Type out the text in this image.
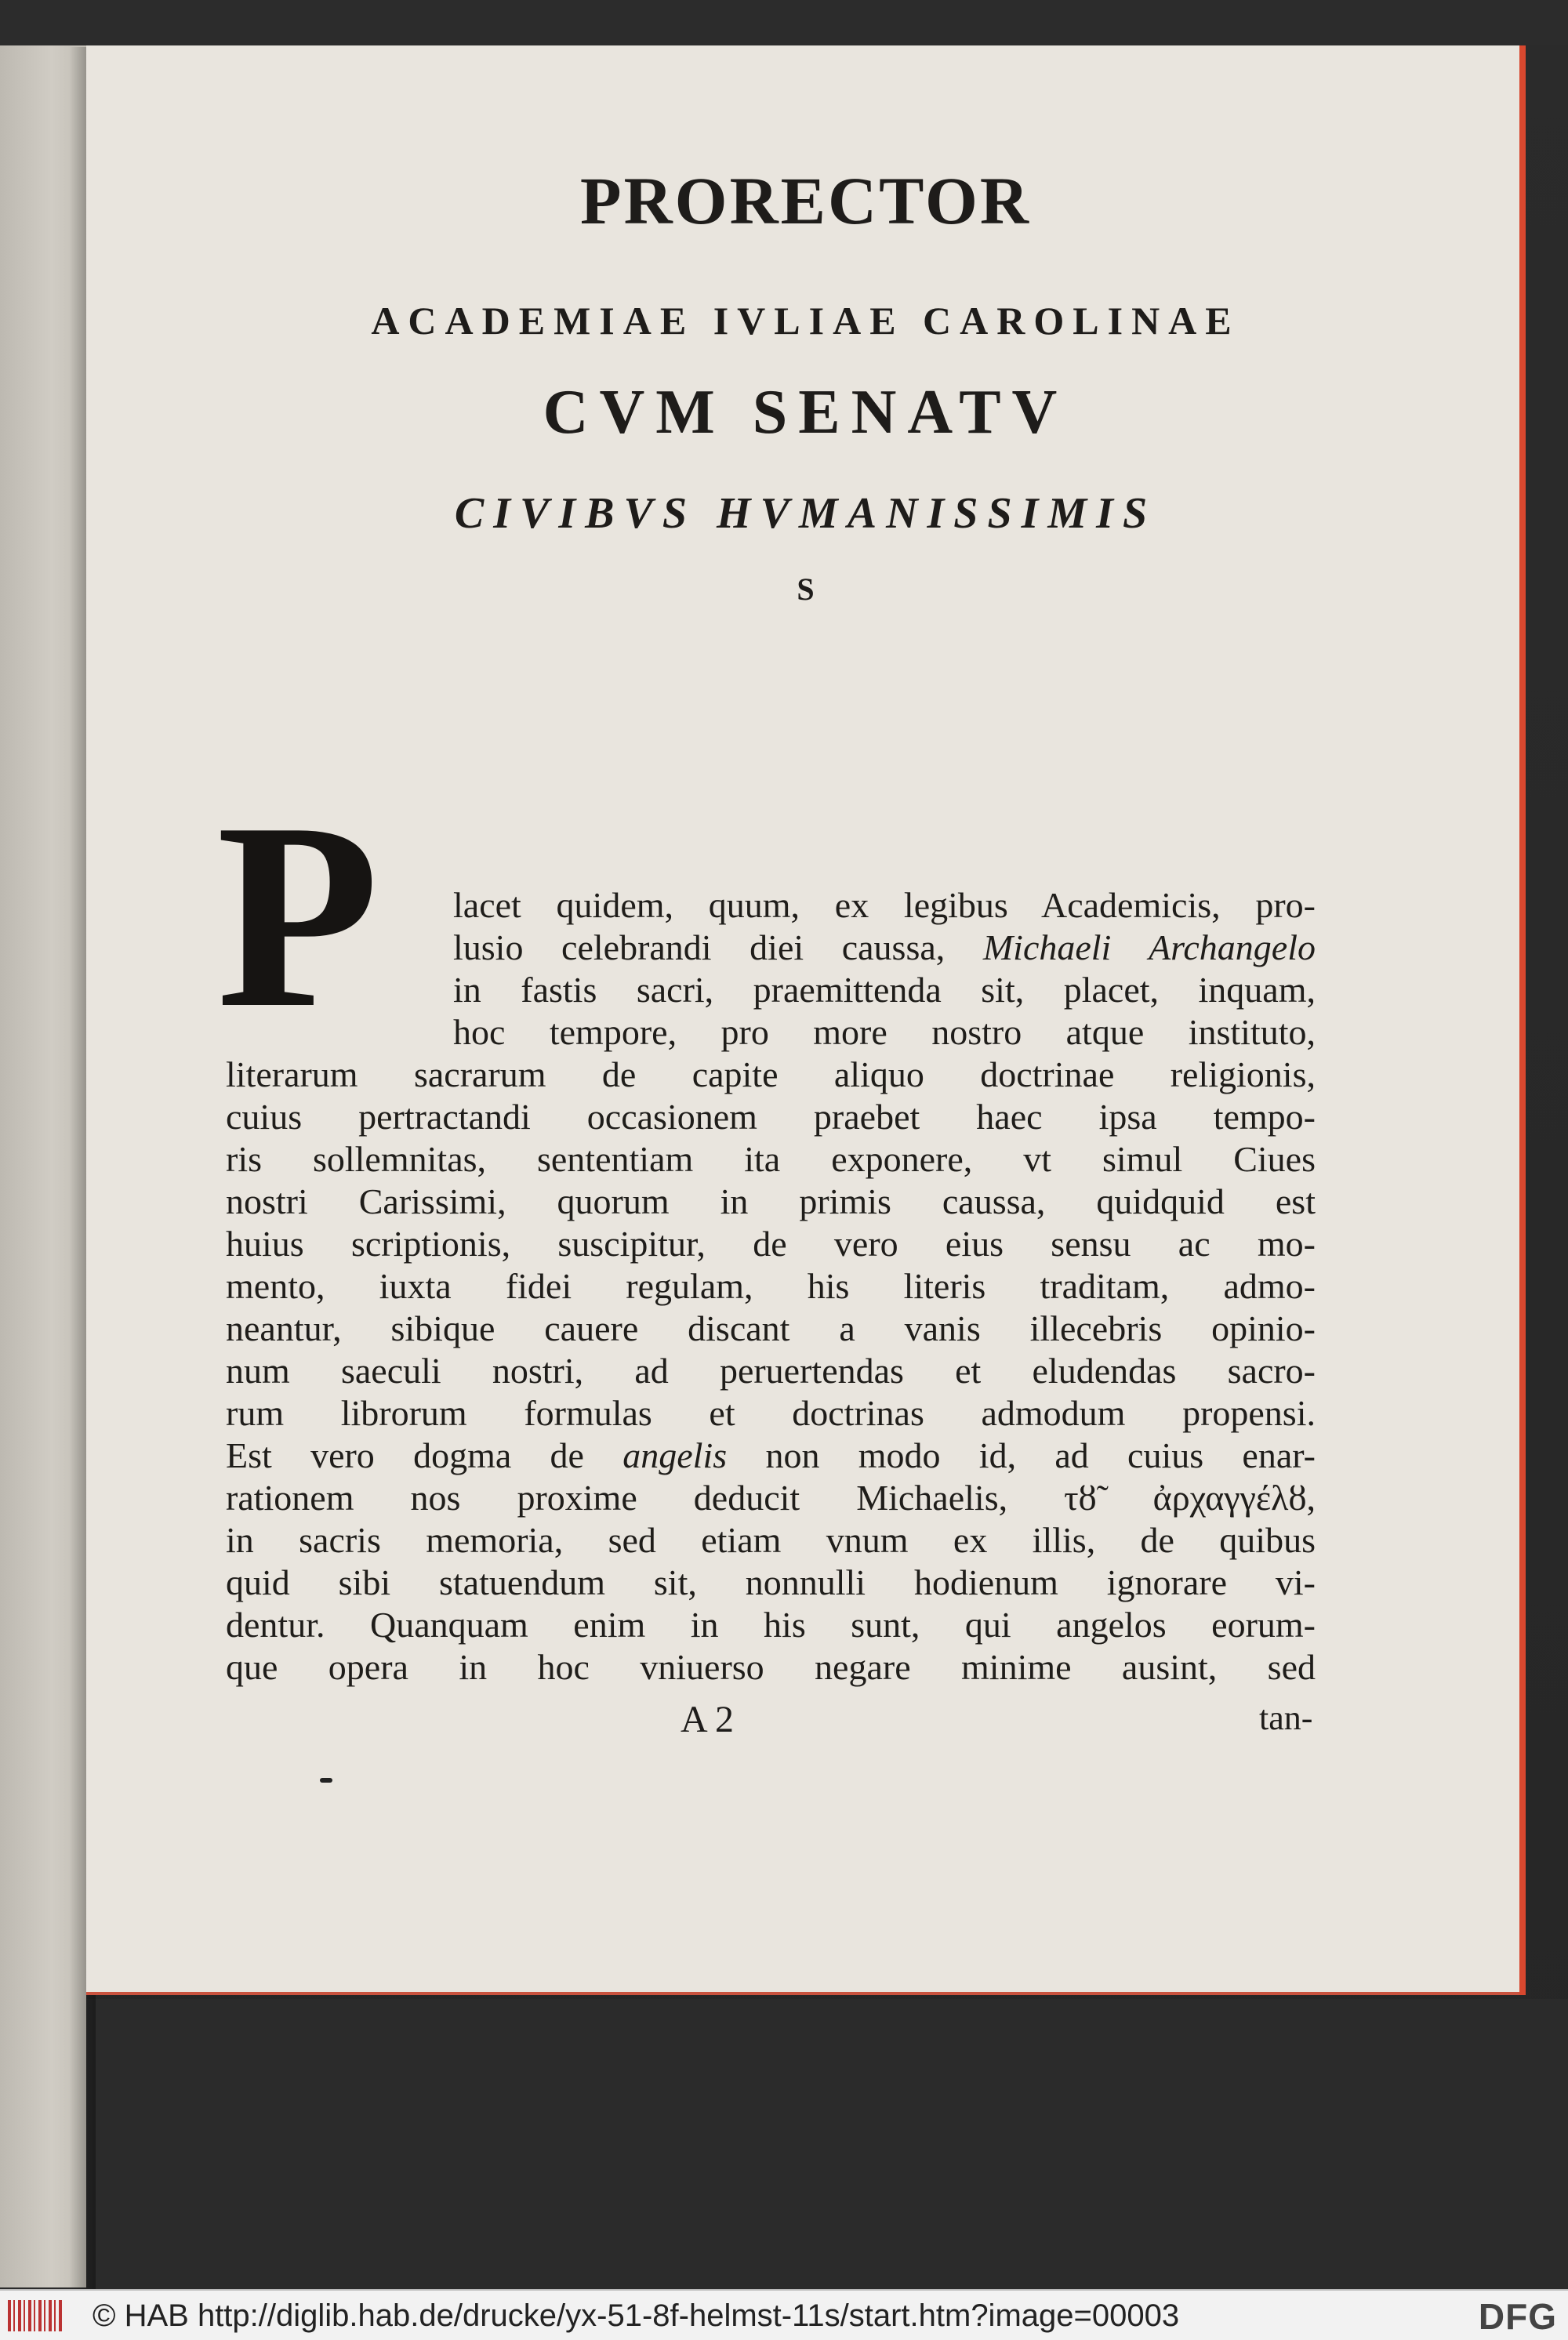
PRORECTOR
ACADEMIAE IVLIAE CAROLINAE
CVM SENATV
CIVIBVS HVMANISSIMIS
S
P lacet quidem, quum, ex legibus Academicis, pro-
lusio celebrandi diei caussa, Michaeli Archangelo
in fastis sacri, praemittenda sit, placet, inquam,
hoc tempore, pro more nostro atque instituto,
literarum sacrarum de capite aliquo doctrinae religionis,
cuius pertractandi occasionem praebet haec ipsa tempo-
ris sollemnitas, sententiam ita exponere, vt simul Ciues
nostri Carissimi, quorum in primis caussa, quidquid est
huius scriptionis, suscipitur, de vero eius sensu ac mo-
mento, iuxta fidei regulam, his literis traditam, admo-
neantur, sibique cauere discant a vanis illecebris opinio-
num saeculi nostri, ad peruertendas et eludendas sacro-
rum librorum formulas et doctrinas admodum propensi.
Est vero dogma de angelis non modo id, ad cuius enar-
rationem nos proxime deducit Michaelis, τȣ̃ ἀρχαγγέλȣ,
in sacris memoria, sed etiam vnum ex illis, de quibus
quid sibi statuendum sit, nonnulli hodienum ignorare vi-
dentur. Quanquam enim in his sunt, qui angelos eorum-
que opera in hoc vniuerso negare minime ausint, sed
A 2	tan-
© HAB http://diglib.hab.de/drucke/yx-51-8f-helmst-11s/start.htm?image=00003	DFG
